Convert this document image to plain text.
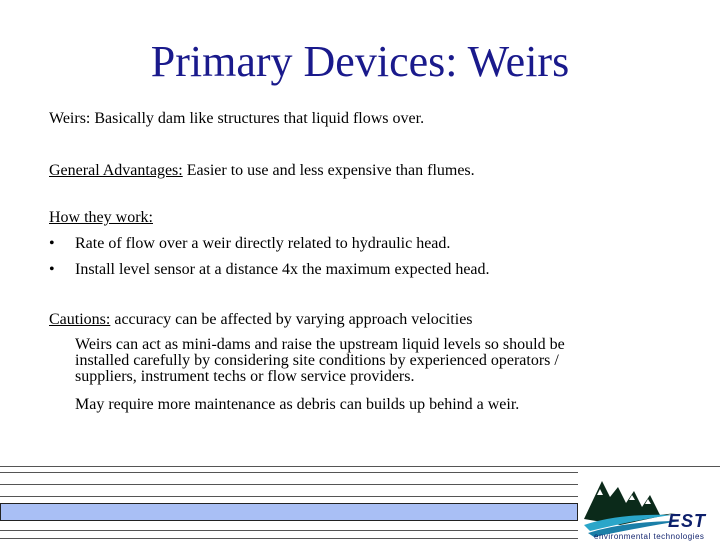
Primary Devices: Weirs
Weirs: Basically dam like structures that liquid flows over.
General Advantages: Easier to use and less expensive than flumes.
How they work:
• Rate of flow over a weir directly related to hydraulic head.
• Install level sensor at a distance 4x the maximum expected head.
Cautions: accuracy can be affected by varying approach velocities
Weirs can act as mini-dams and raise the upstream liquid levels so should be
installed carefully by considering site conditions by experienced operators /
suppliers, instrument techs or flow service providers.
May require more maintenance as debris can builds up behind a weir.
EST
environmental technologies
